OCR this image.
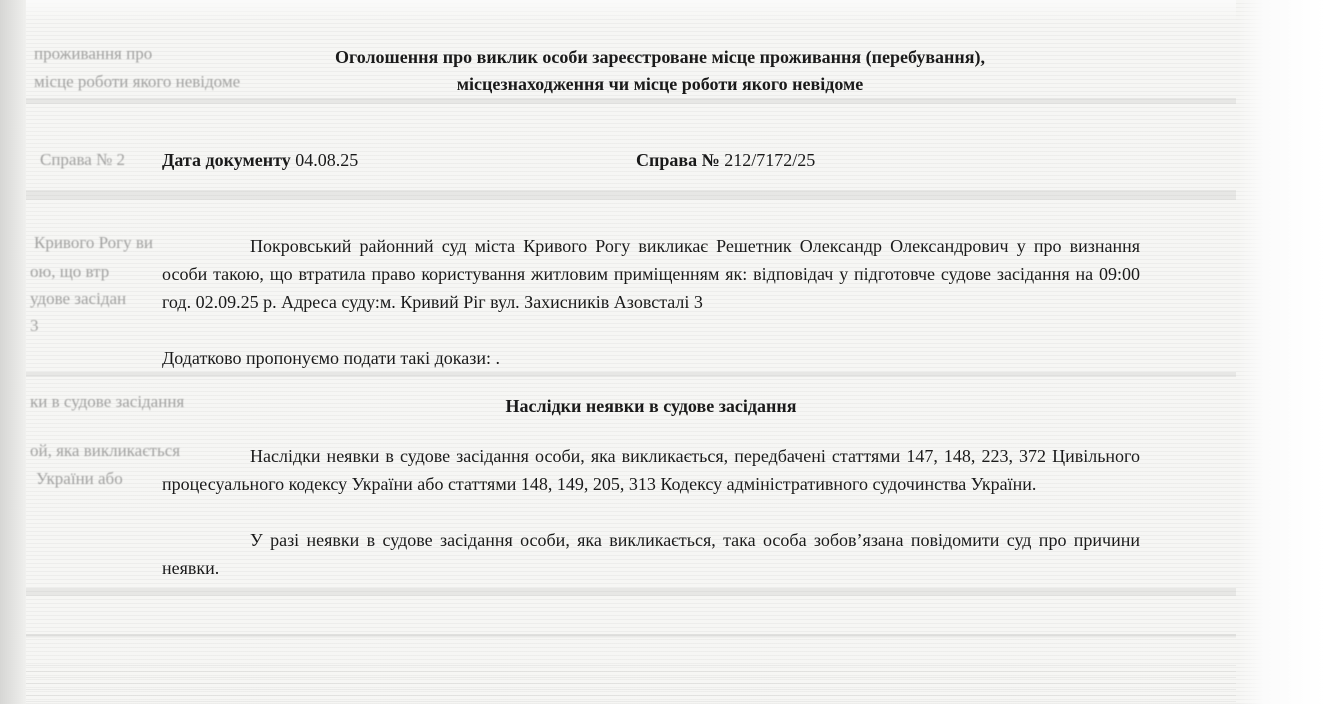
проживання прo
місце роботи якого невідоме
Справа № 2
Кривого Рогу ви
ою, що втр
удове засідан
3
ки в судове засідання
ой, яка викликається
України або
Оголошення про виклик особи зареєстроване місце проживання (перебування),
місцезнаходження чи місце роботи якого невідоме
Дата документу 04.08.25	Справа № 212/7172/25
Покровський районний суд міста Кривого Рогу викликає Решетник Олександр Олександрович у про визнання особи такою, що втратила право користування житловим приміщенням як: відповідач у підготовче судове засідання на 09:00 год. 02.09.25 р. Адреса суду:м. Кривий Ріг вул. Захисників Азовсталі 3
Додатково пропонуємо подати такі докази: .
Наслідки неявки в судове засідання
Наслідки неявки в судове засідання особи, яка викликається, передбачені статтями 147, 148, 223, 372 Цивільного процесуального кодексу України або статтями 148, 149, 205, 313 Кодексу адміністративного судочинства України.
У разі неявки в судове засідання особи, яка викликається, така особа зобов’язана повідомити суд про причини неявки.
